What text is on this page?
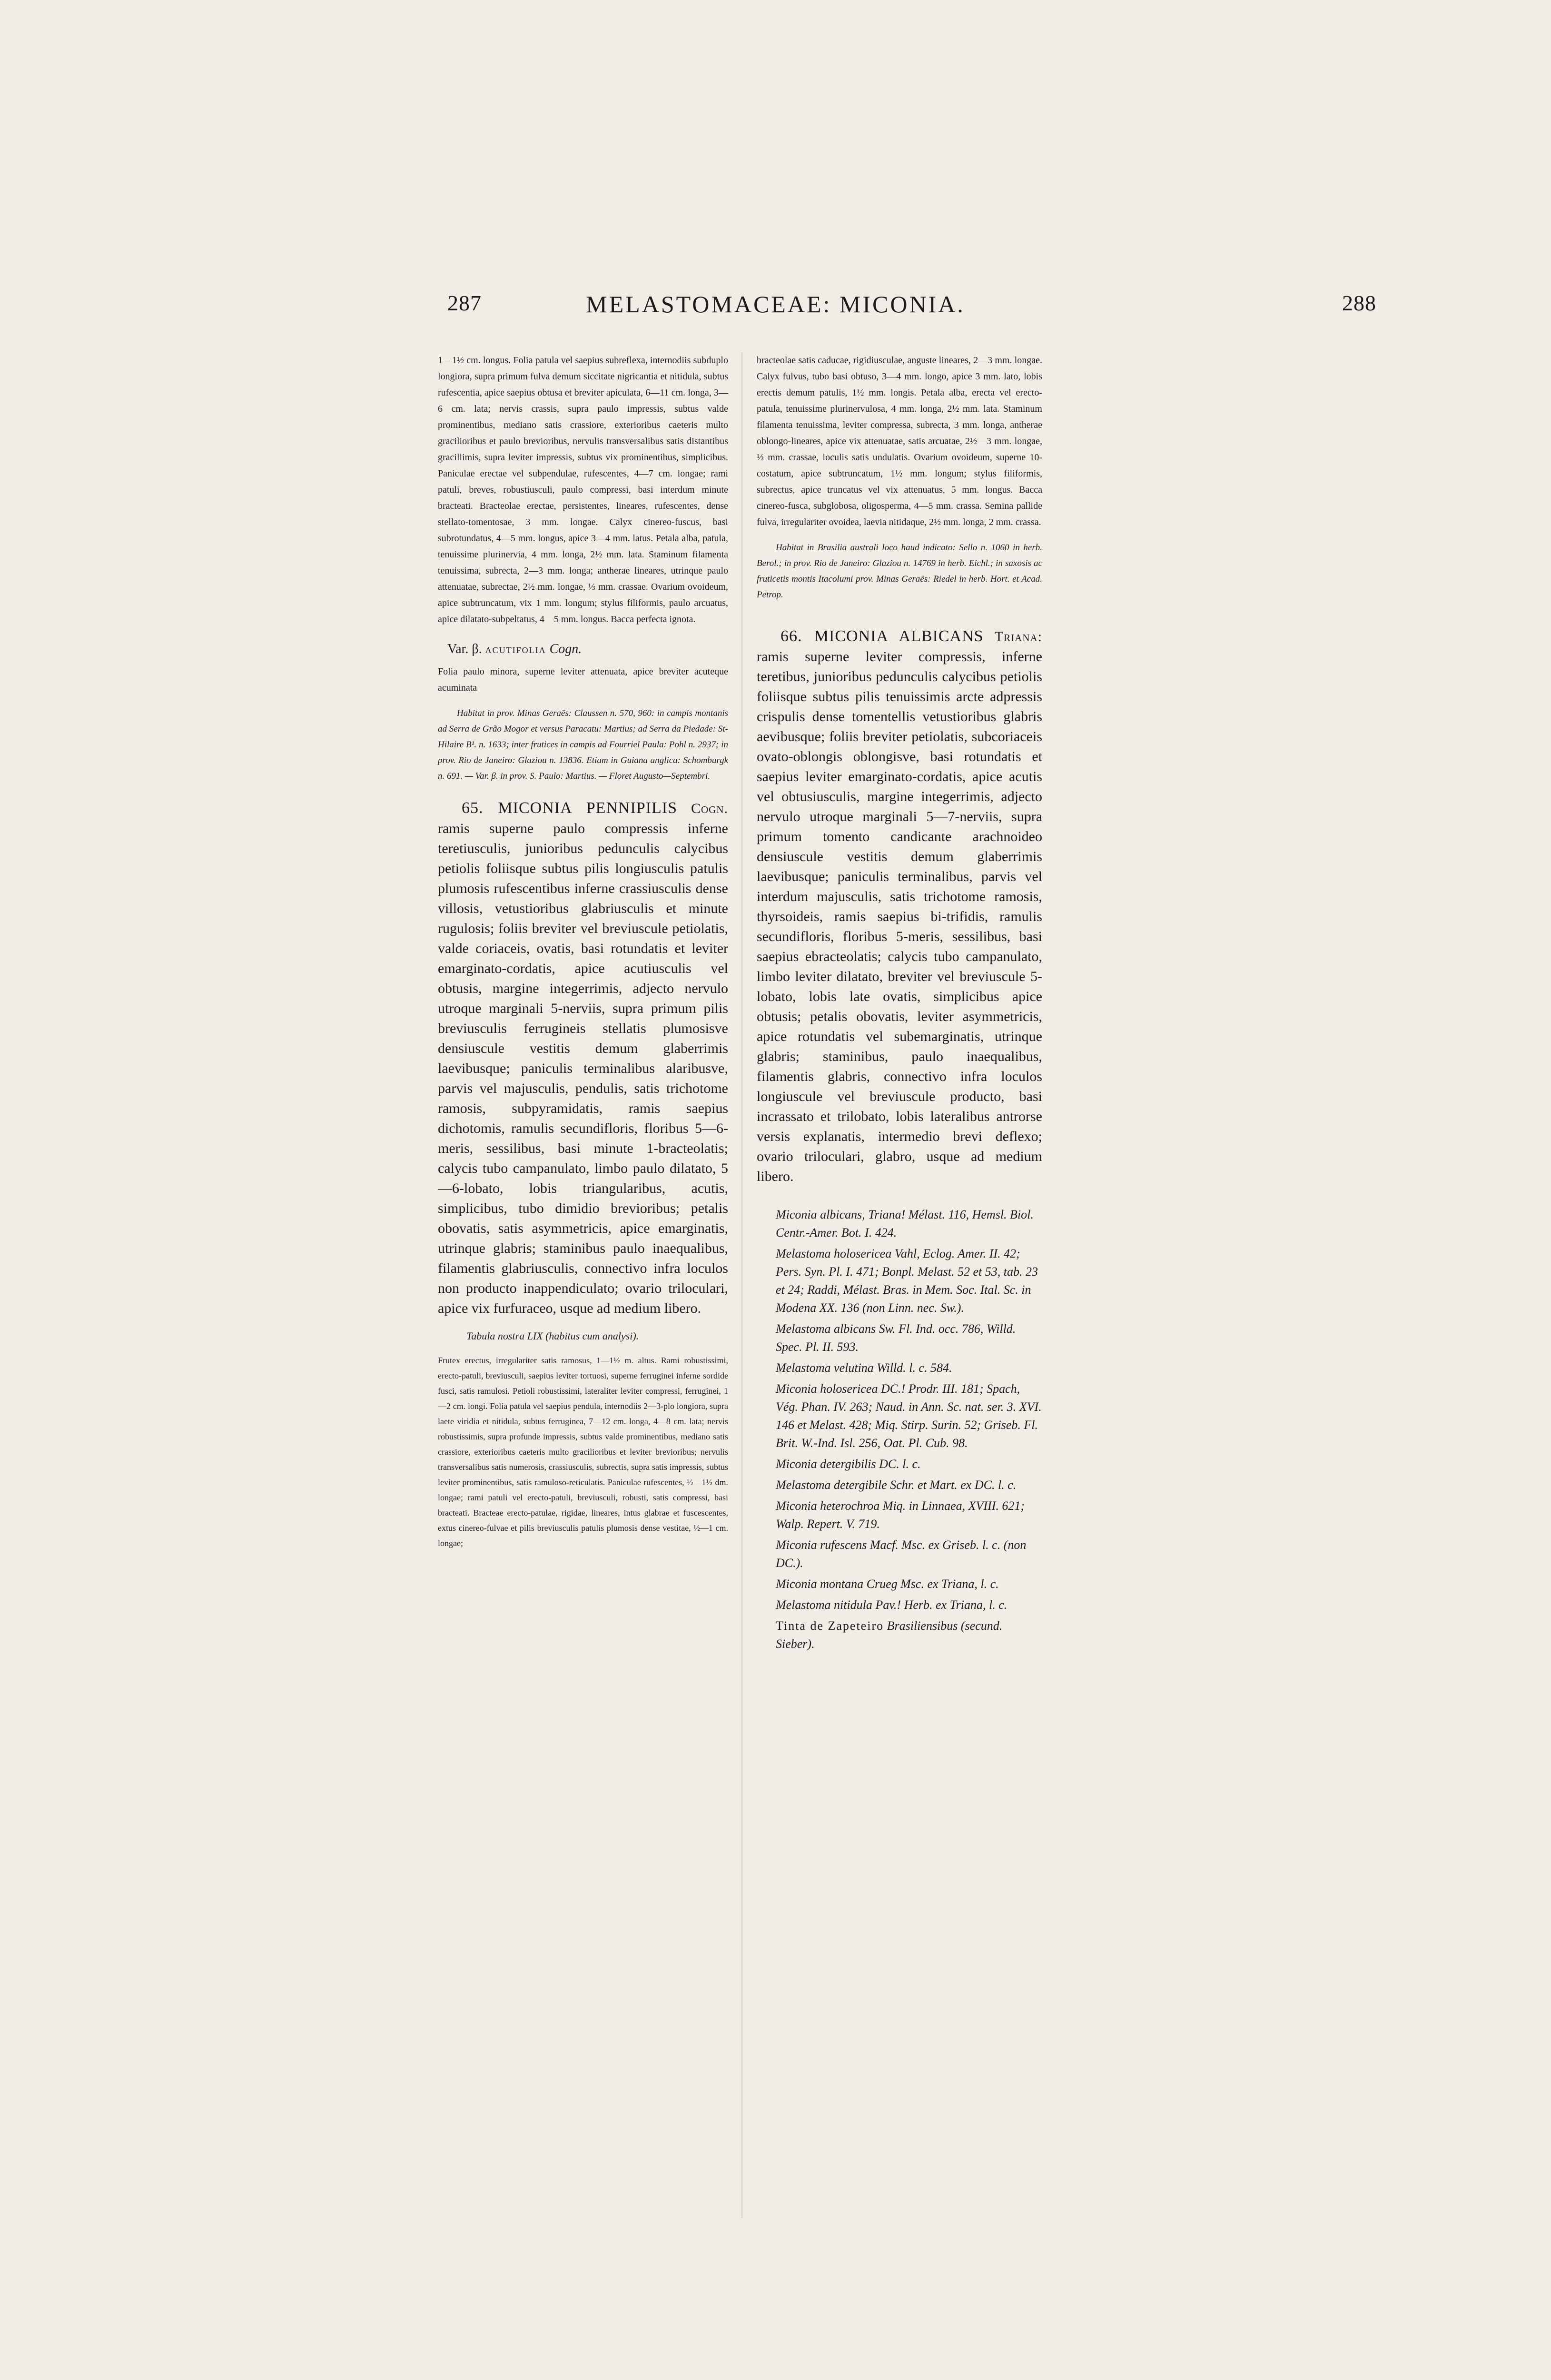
287	MELASTOMACEAE: MICONIA.	288

1—1½ cm. longus. Folia patula vel saepius subreflexa, internodiis subduplo longiora, supra primum fulva demum siccitate nigricantia et nitidula, subtus rufescentia, apice saepius obtusa et breviter apiculata, 6—11 cm. longa, 3—6 cm. lata; nervis crassis, supra paulo impressis, subtus valde prominentibus, mediano satis crassiore, exterioribus caeteris multo gracilioribus et paulo brevioribus, nervulis transversalibus satis distantibus gracillimis, supra leviter impressis, subtus vix prominentibus, simplicibus. Paniculae erectae vel subpendulae, rufescentes, 4—7 cm. longae; rami patuli, breves, robustiusculi, paulo compressi, basi interdum minute bracteati. Bracteolae erectae, persistentes, lineares, rufescentes, dense stellato-tomentosae, 3 mm. longae. Calyx cinereo-fuscus, basi subrotundatus, 4—5 mm. longus, apice 3—4 mm. latus. Petala alba, patula, tenuissime plurinervia, 4 mm. longa, 2½ mm. lata. Staminum filamenta tenuissima, subrecta, 2—3 mm. longa; antherae lineares, utrinque paulo attenuatae, subrectae, 2½ mm. longae, ⅓ mm. crassae. Ovarium ovoideum, apice subtruncatum, vix 1 mm. longum; stylus filiformis, paulo arcuatus, apice dilatato-subpeltatus, 4—5 mm. longus. Bacca perfecta ignota.

Var. β. ACUTIFOLIA Cogn.

Folia paulo minora, superne leviter attenuata, apice breviter acuteque acuminata

Habitat in prov. Minas Geraës: Claussen n. 570, 960: in campis montanis ad Serra de Grão Mogor et versus Paracatu: Martius; ad Serra da Piedade: St-Hilaire B¹. n. 1633; inter frutices in campis ad Fourriel Paula: Pohl n. 2937; in prov. Rio de Janeiro: Glaziou n. 13836. Etiam in Guiana anglica: Schomburgk n. 691. — Var. β. in prov. S. Paulo: Martius. — Floret Augusto—Septembri.

65. MICONIA PENNIPILIS Cogn. ramis superne paulo compressis inferne teretiusculis, junioribus pedunculis calycibus petiolis foliisque subtus pilis longiusculis patulis plumosis rufescentibus inferne crassiusculis dense villosis, vetustioribus glabriusculis et minute rugulosis; foliis breviter vel breviuscule petiolatis, valde coriaceis, ovatis, basi rotundatis et leviter emarginato-cordatis, apice acutiusculis vel obtusis, margine integerrimis, adjecto nervulo utroque marginali 5-nerviis, supra primum pilis breviusculis ferrugineis stellatis plumosisve densiuscule vestitis demum glaberrimis laevibusque; paniculis terminalibus alaribusve, parvis vel majusculis, pendulis, satis trichotome ramosis, subpyramidatis, ramis saepius dichotomis, ramulis secundifloris, floribus 5—6-meris, sessilibus, basi minute 1-bracteolatis; calycis tubo campanulato, limbo paulo dilatato, 5—6-lobato, lobis triangularibus, acutis, simplicibus, tubo dimidio brevioribus; petalis obovatis, satis asymmetricis, apice emarginatis, utrinque glabris; staminibus paulo inaequalibus, filamentis glabriusculis, connectivo infra loculos non producto inappendiculato; ovario triloculari, apice vix furfuraceo, usque ad medium libero.

Tabula nostra LIX (habitus cum analysi).

Frutex erectus, irregulariter satis ramosus, 1—1½ m. altus. Rami robustissimi, erecto-patuli, breviusculi, saepius leviter tortuosi, superne ferruginei inferne sordide fusci, satis ramulosi. Petioli robustissimi, lateraliter leviter compressi, ferruginei, 1—2 cm. longi. Folia patula vel saepius pendula, internodiis 2—3-plo longiora, supra laete viridia et nitidula, subtus ferruginea, 7—12 cm. longa, 4—8 cm. lata; nervis robustissimis, supra profunde impressis, subtus valde prominentibus, mediano satis crassiore, exterioribus caeteris multo gracilioribus et leviter brevioribus; nervulis transversalibus satis numerosis, crassiusculis, subrectis, supra satis impressis, subtus leviter prominentibus, satis ramuloso-reticulatis. Paniculae rufescentes, ½—1½ dm. longae; rami patuli vel erecto-patuli, breviusculi, robusti, satis compressi, basi bracteati. Bracteae erecto-patulae, rigidae, lineares, intus glabrae et fuscescentes, extus cinereo-fulvae et pilis breviusculis patulis plumosis dense vestitae, ½—1 cm. longae;

bracteolae satis caducae, rigidiusculae, anguste lineares, 2—3 mm. longae. Calyx fulvus, tubo basi obtuso, 3—4 mm. longo, apice 3 mm. lato, lobis erectis demum patulis, 1½ mm. longis. Petala alba, erecta vel erecto-patula, tenuissime plurinervulosa, 4 mm. longa, 2½ mm. lata. Staminum filamenta tenuissima, leviter compressa, subrecta, 3 mm. longa, antherae oblongo-lineares, apice vix attenuatae, satis arcuatae, 2½—3 mm. longae, ⅓ mm. crassae, loculis satis undulatis. Ovarium ovoideum, superne 10-costatum, apice subtruncatum, 1½ mm. longum; stylus filiformis, subrectus, apice truncatus vel vix attenuatus, 5 mm. longus. Bacca cinereo-fusca, subglobosa, oligosperma, 4—5 mm. crassa. Semina pallide fulva, irregulariter ovoidea, laevia nitidaque, 2½ mm. longa, 2 mm. crassa.

Habitat in Brasilia australi loco haud indicato: Sello n. 1060 in herb. Berol.; in prov. Rio de Janeiro: Glaziou n. 14769 in herb. Eichl.; in saxosis ac fruticetis montis Itacolumi prov. Minas Geraës: Riedel in herb. Hort. et Acad. Petrop.

66. MICONIA ALBICANS Triana: ramis superne leviter compressis, inferne teretibus, junioribus pedunculis calycibus petiolis foliisque subtus pilis tenuissimis arcte adpressis crispulis dense tomentellis vetustioribus glabris aevibusque; foliis breviter petiolatis, subcoriaceis ovato-oblongis oblongisve, basi rotundatis et saepius leviter emarginato-cordatis, apice acutis vel obtusiusculis, margine integerrimis, adjecto nervulo utroque marginali 5—7-nerviis, supra primum tomento candicante arachnoideo densiuscule vestitis demum glaberrimis laevibusque; paniculis terminalibus, parvis vel interdum majusculis, satis trichotome ramosis, thyrsoideis, ramis saepius bi-trifidis, ramulis secundifloris, floribus 5-meris, sessilibus, basi saepius ebracteolatis; calycis tubo campanulato, limbo leviter dilatato, breviter vel breviuscule 5-lobato, lobis late ovatis, simplicibus apice obtusis; petalis obovatis, leviter asymmetricis, apice rotundatis vel subemarginatis, utrinque glabris; staminibus, paulo inaequalibus, filamentis glabris, connectivo infra loculos longiuscule vel breviuscule producto, basi incrassato et trilobato, lobis lateralibus antrorse versis explanatis, intermedio brevi deflexo; ovario triloculari, glabro, usque ad medium libero.

Miconia albicans, Triana! Mélast. 116, Hemsl. Biol. Centr.-Amer. Bot. I. 424.

Melastoma holosericea Vahl, Eclog. Amer. II. 42; Pers. Syn. Pl. I. 471; Bonpl. Melast. 52 et 53, tab. 23 et 24; Raddi, Mélast. Bras. in Mem. Soc. Ital. Sc. in Modena XX. 136 (non Linn. nec. Sw.).

Melastoma albicans Sw. Fl. Ind. occ. 786, Willd. Spec. Pl. II. 593.

Melastoma velutina Willd. l. c. 584.

Miconia holosericea DC.! Prodr. III. 181; Spach, Vég. Phan. IV. 263; Naud. in Ann. Sc. nat. ser. 3. XVI. 146 et Melast. 428; Miq. Stirp. Surin. 52; Griseb. Fl. Brit. W.-Ind. Isl. 256, Oat. Pl. Cub. 98.

Miconia detergibilis DC. l. c.

Melastoma detergibile Schr. et Mart. ex DC. l. c.

Miconia heterochroa Miq. in Linnaea, XVIII. 621; Walp. Repert. V. 719.

Miconia rufescens Macf. Msc. ex Griseb. l. c. (non DC.).

Miconia montana Crueg Msc. ex Triana, l. c.

Melastoma nitidula Pav.! Herb. ex Triana, l. c.

Tinta de Zapeteiro Brasiliensibus (secund. Sieber).
